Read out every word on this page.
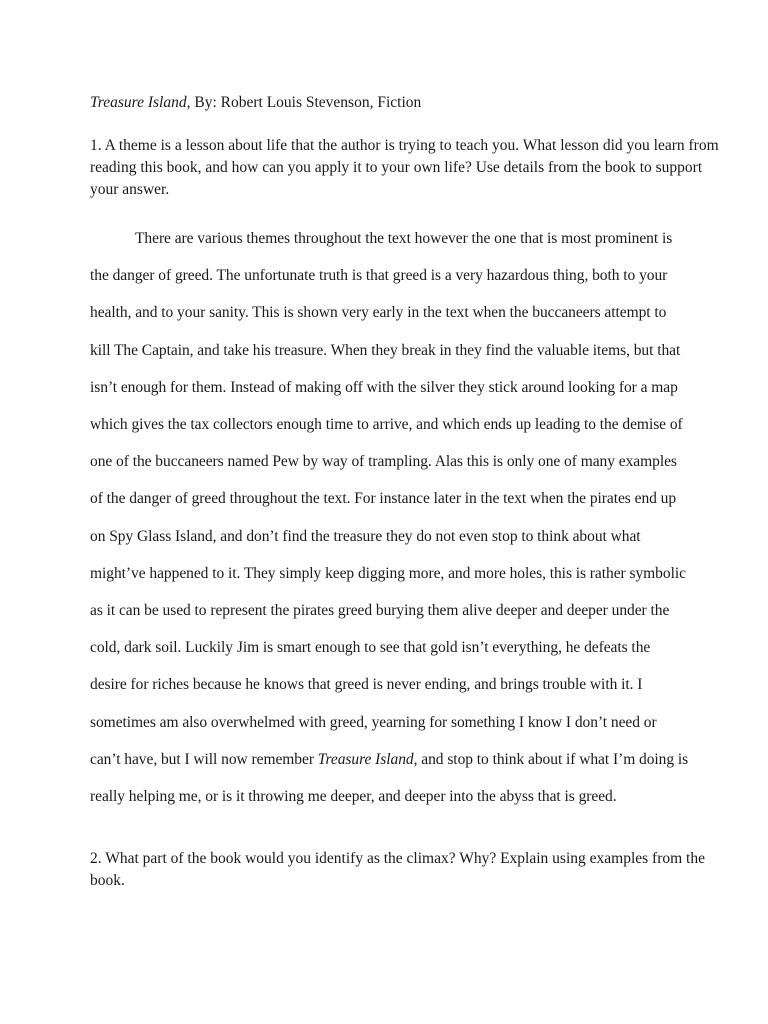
Treasure Island, By: Robert Louis Stevenson, Fiction

1. A theme is a lesson about life that the author is trying to teach you. What lesson did you learn from reading this book, and how can you apply it to your own life? Use details from the book to support your answer.

There are various themes throughout the text however the one that is most prominent is the danger of greed. The unfortunate truth is that greed is a very hazardous thing, both to your health, and to your sanity. This is shown very early in the text when the buccaneers attempt to kill The Captain, and take his treasure. When they break in they find the valuable items, but that isn’t enough for them. Instead of making off with the silver they stick around looking for a map which gives the tax collectors enough time to arrive, and which ends up leading to the demise of one of the buccaneers named Pew by way of trampling. Alas this is only one of many examples of the danger of greed throughout the text. For instance later in the text when the pirates end up on Spy Glass Island, and don’t find the treasure they do not even stop to think about what might’ve happened to it. They simply keep digging more, and more holes, this is rather symbolic as it can be used to represent the pirates greed burying them alive deeper and deeper under the cold, dark soil. Luckily Jim is smart enough to see that gold isn’t everything, he defeats the desire for riches because he knows that greed is never ending, and brings trouble with it. I sometimes am also overwhelmed with greed, yearning for something I know I don’t need or can’t have, but I will now remember Treasure Island, and stop to think about if what I’m doing is really helping me, or is it throwing me deeper, and deeper into the abyss that is greed.

2. What part of the book would you identify as the climax? Why? Explain using examples from the book.
